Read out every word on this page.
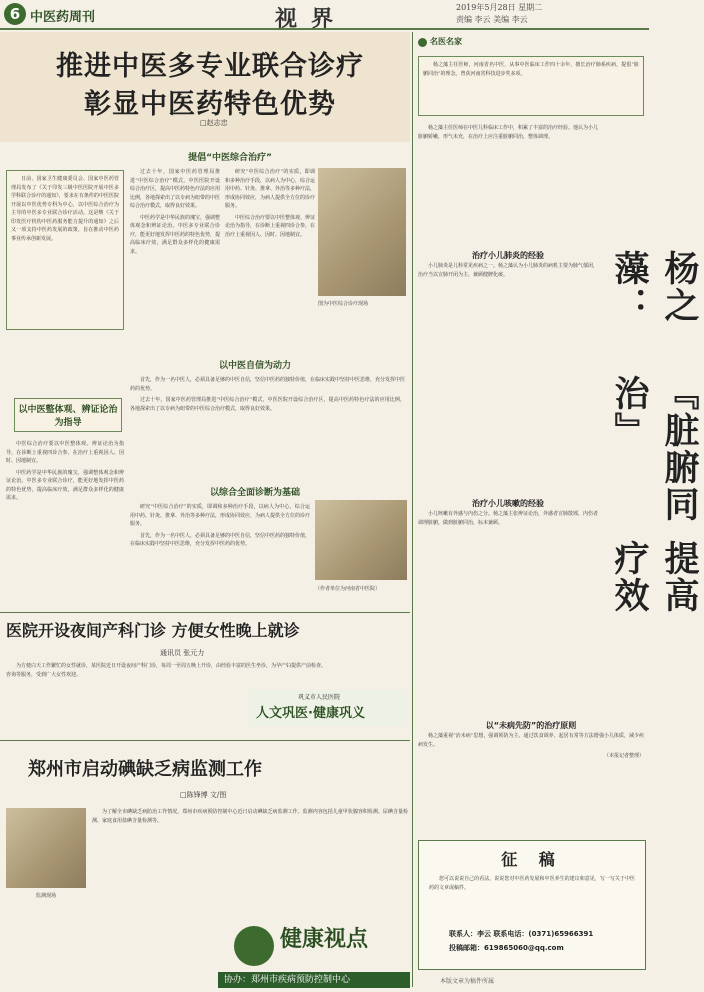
6 中医药周刊	视界	2019年5月28日 星期二
责编 李云 美编 李云
推进中医多专业联合诊疗
彰显中医药特色优势
□赵志忠
提倡“中医综合治疗”

日前，国家卫生健康委员会、国家中医药管理局发布了《关于印发三级中医医院开展中医多学科联合诊疗的通知》，要求在有条件的中医医院开展以中医优势专科为中心，以中医综合治疗为主导的中医多专业联合诊疗活动。这是继《关于印发医疗机构中医药服务能力提升的通知》之后又一项支持中医药发展的政策，旨在推动中医药事业传承创新发展。

过去十年，国家中医药管理局推进“中医综合治疗”模式，中医医院开设综合治疗区，提高中医药特色疗法的应用比例，各地探索出了以专病为纽带的中医综合治疗模式，取得良好效果。

中医药学是中华民族的瑰宝，强调整体观念和辨证论治。中医多专业联合诊疗，能更好地发挥中医药的特色优势，提高临床疗效，满足群众多样化的健康需求。

研究“中医综合治疗”的实质，即调和多种治疗手段，以病人为中心，综合运用中药、针灸、推拿、外治等多种疗法，形成协同效应，为病人提供全方位的诊疗服务。

中医综合治疗要以中医整体观、辨证论治为指导，在诊断上重视四诊合参，在治疗上重视因人、因时、因地制宜。

图为中医综合诊疗现场
以中医整体观、辨证论治为指导

中医综合治疗要以中医整体观、辨证论治为指导，在诊断上重视四诊合参，在治疗上重视因人、因时、因地制宜。

中医药学是中华民族的瑰宝，强调整体观念和辨证论治。中医多专业联合诊疗，能更好地发挥中医药的特色优势，提高临床疗效，满足群众多样化的健康需求。

以中医自信为动力

首先，作为一名中医人，必须具备足够的中医自信，坚信中医药的独特价值，在临床实践中坚持中医思维，充分发挥中医药的优势。

过去十年，国家中医药管理局推进“中医综合治疗”模式，中医医院开设综合治疗区，提高中医药特色疗法的应用比例，各地探索出了以专病为纽带的中医综合治疗模式，取得良好效果。

以综合全面诊断为基础

研究“中医综合治疗”的实质，即调和多种治疗手段，以病人为中心，综合运用中药、针灸、推拿、外治等多种疗法，形成协同效应，为病人提供全方位的诊疗服务。

首先，作为一名中医人，必须具备足够的中医自信，坚信中医药的独特价值，在临床实践中坚持中医思维，充分发挥中医药的优势。

（作者单位为河南省中医院）
名医名家

杨之藻主任医师，河南省名中医，从事中医临床工作四十余年，擅长治疗肺系疾病，提倡“脏腑同治”的理念。曾获河南省科技进步奖多项。

杨之藻主任医师在中医儿科临床工作中，积累了丰富的治疗经验。他认为小儿脏腑娇嫩，形气未充，在治疗上应注重脏腑同治，整体调理。

治疗小儿肺炎的经验

小儿肺炎是儿科常见疾病之一。杨之藻认为小儿肺炎的病机主要为肺气郁闭，治疗当以宣肺开闭为主，兼顾健脾化痰。	杨之藻：
『脏腑同治』
提高疗效
治疗小儿咳嗽的经验

小儿咳嗽有外感与内伤之分。杨之藻主张辨证论治，外感者宣肺散邪，内伤者调理脏腑，做到脏腑同治，标本兼顾。

以“未病先防”的治疗原则

杨之藻重视“治未病”思想，强调预防为主，通过饮食调养、起居有常等方法增强小儿体质，减少疾病发生。

（本报记者整理）

医院开设夜间产科门诊 方便女性晚上就诊
通讯员 张元力

为方便白天工作繁忙的女性就诊，某医院近日开设夜间产科门诊，每周一至周五晚上开诊，由经验丰富的医生坐诊，为孕产妇提供产前检查、咨询等服务，受到广大女性欢迎。

巩义市人民医院
人文巩医·健康巩义
郑州市启动碘缺乏病监测工作
□陈锋博 文/图
监测现场

为了解全市碘缺乏病防治工作情况，郑州市疾病预防控制中心近日启动碘缺乏病监测工作。监测内容包括儿童甲状腺容积检测、尿碘含量检测、家庭食用盐碘含量检测等。

健康视点
协办：郑州市疾病预防控制中心
征 稿

您可以说说自己的看法，说说您对中医药发展和中医养生的建议和意见，写一写关于中医药的文章或稿件。

联系人：李云 联系电话：(0371)65966391
投稿邮箱：619865060@qq.com
本版文章为稿件所属
